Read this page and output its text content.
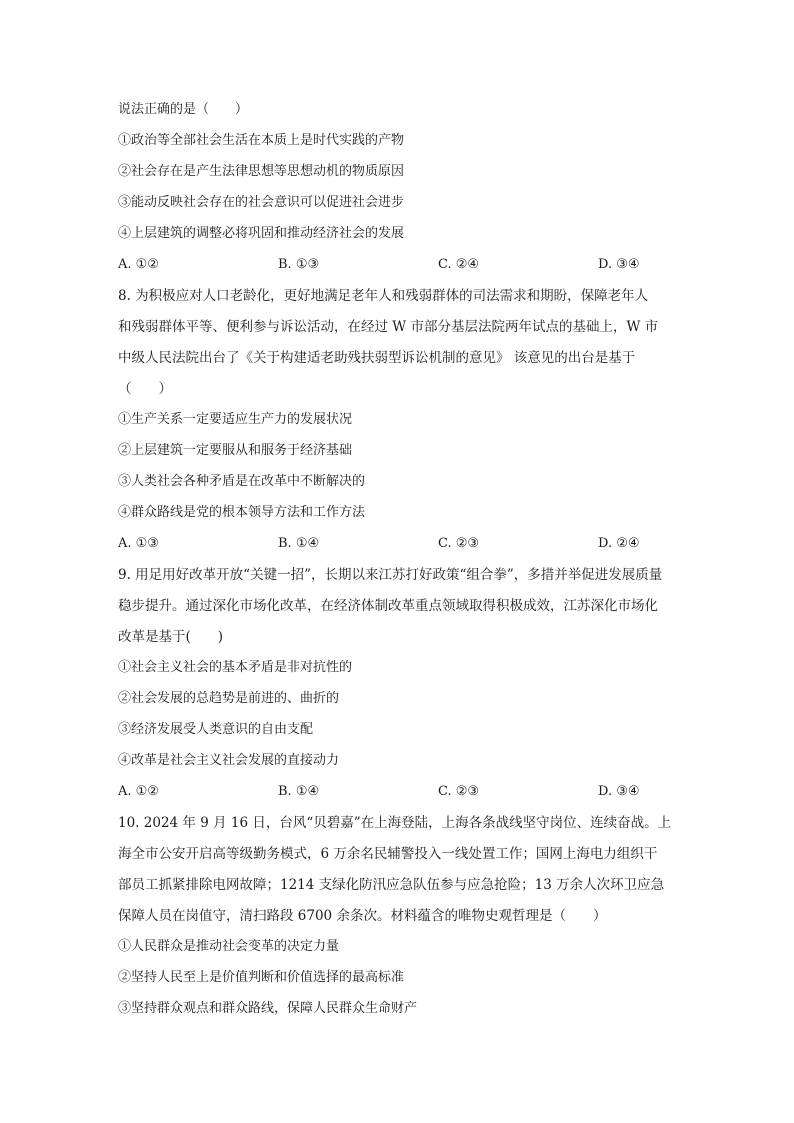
说法正确的是（　　）
①政治等全部社会生活在本质上是时代实践的产物
②社会存在是产生法律思想等思想动机的物质原因
③能动反映社会存在的社会意识可以促进社会进步
④上层建筑的调整必将巩固和推动经济社会的发展
A. ①②	B. ①③	C. ②④	D. ③④
8. 为积极应对人口老龄化，更好地满足老年人和残弱群体的司法需求和期盼，保障老年人
和残弱群体平等、便利参与诉讼活动，在经过 W 市部分基层法院两年试点的基础上，W 市
中级人民法院出台了《关于构建适老助残扶弱型诉讼机制的意见》 该意见的出台是基于
（　　）
①生产关系一定要适应生产力的发展状况
②上层建筑一定要服从和服务于经济基础
③人类社会各种矛盾是在改革中不断解决的
④群众路线是党的根本领导方法和工作方法
A. ①③	B. ①④	C. ②③	D. ②④
9. 用足用好改革开放“关键一招”，长期以来江苏打好政策“组合拳”，多措并举促进发展质量
稳步提升。通过深化市场化改革，在经济体制改革重点领域取得积极成效，江苏深化市场化
改革是基于(　　)
①社会主义社会的基本矛盾是非对抗性的
②社会发展的总趋势是前进的、曲折的
③经济发展受人类意识的自由支配
④改革是社会主义社会发展的直接动力
A. ①②	B. ①④	C. ②③	D. ③④
10. 2024 年 9 月 16 日，台风“贝碧嘉”在上海登陆，上海各条战线坚守岗位、连续奋战。上
海全市公安开启高等级勤务模式，6 万余名民辅警投入一线处置工作；国网上海电力组织干
部员工抓紧排除电网故障；1214 支绿化防汛应急队伍参与应急抢险；13 万余人次环卫应急
保障人员在岗值守，清扫路段 6700 余条次。材料蕴含的唯物史观哲理是（　　）
①人民群众是推动社会变革的决定力量
②坚持人民至上是价值判断和价值选择的最高标准
③坚持群众观点和群众路线，保障人民群众生命财产
